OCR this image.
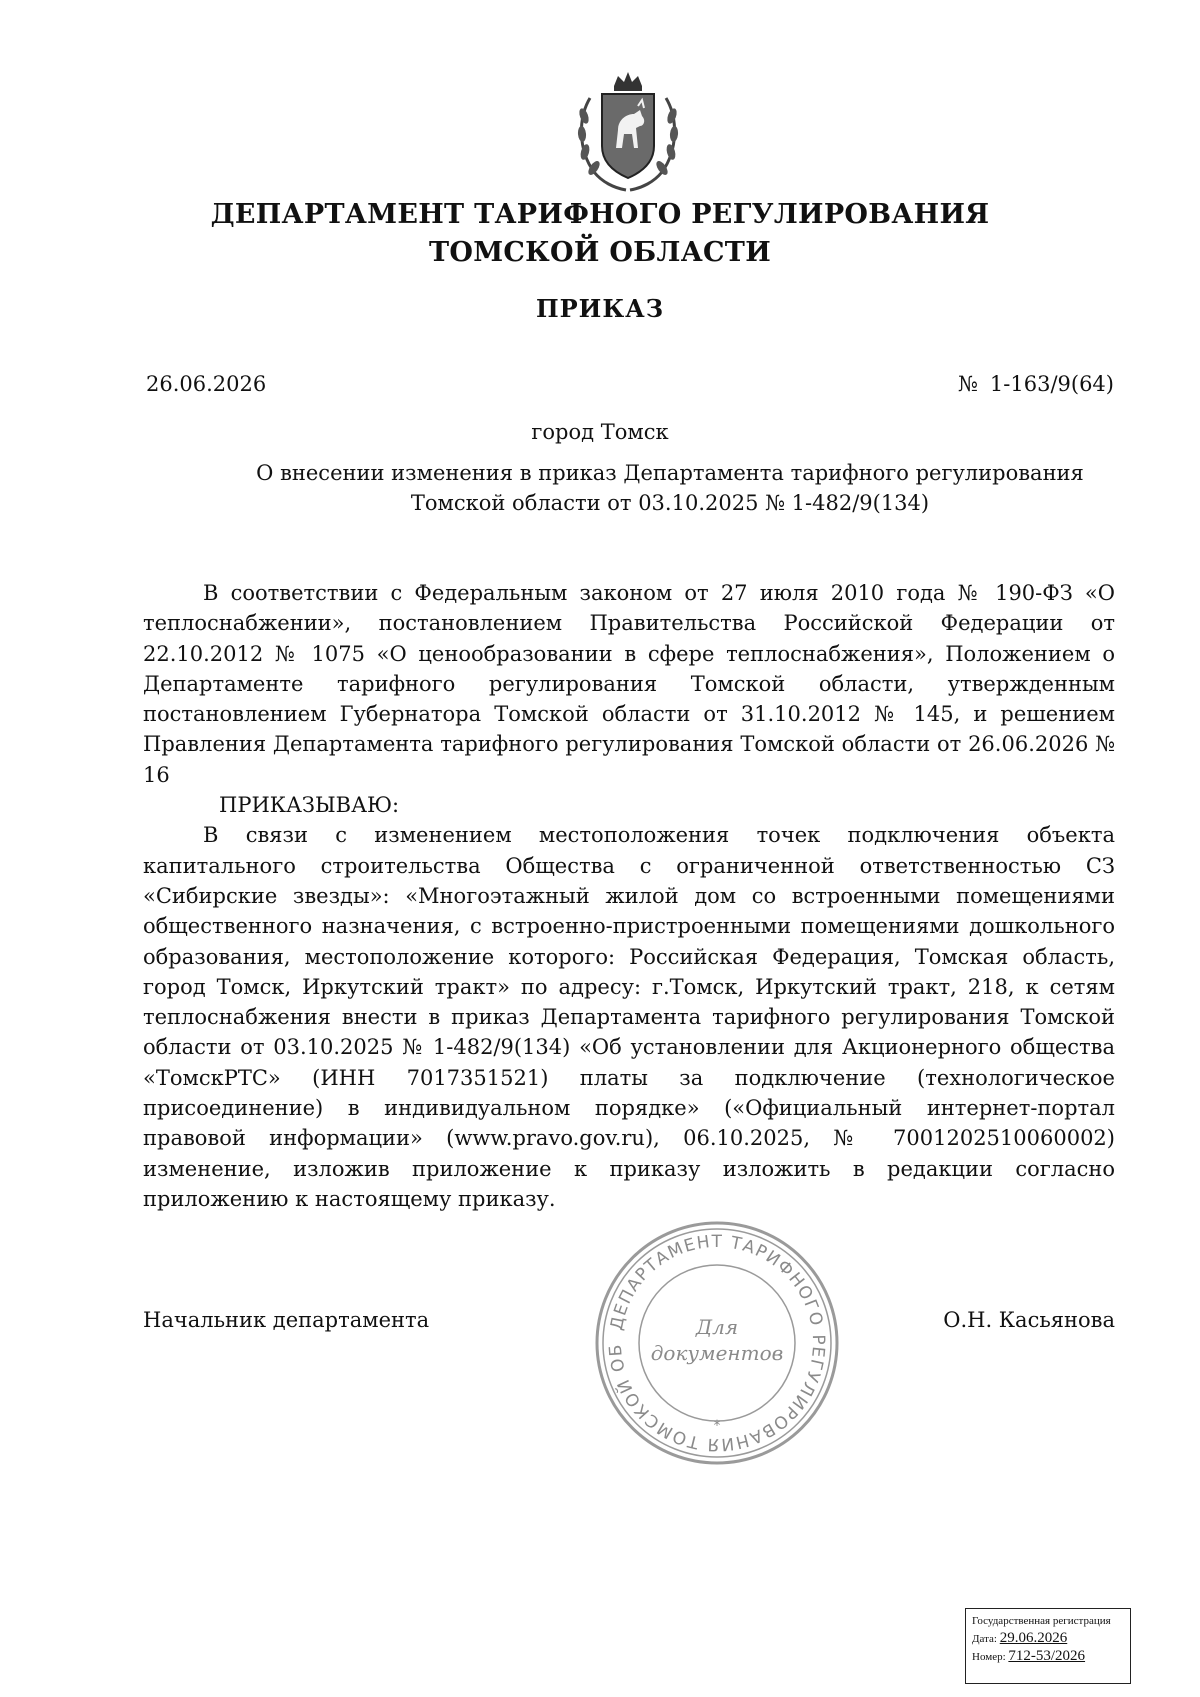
ДЕПАРТАМЕНТ ТАРИФНОГО РЕГУЛИРОВАНИЯ
ТОМСКОЙ ОБЛАСТИ
ПРИКАЗ
26.06.2026	№ 1-163/9(64)
город Томск
О внесении изменения в приказ Департамента тарифного регулирования
Томской области от 03.10.2025 № 1-482/9(134)

В соответствии с Федеральным законом от 27 июля 2010 года № 190-ФЗ «О теплоснабжении», постановлением Правительства Российской Федерации от 22.10.2012 № 1075 «О ценообразовании в сфере теплоснабжения», Положением о Департаменте тарифного регулирования Томской области, утвержденным постановлением Губернатора Томской области от 31.10.2012 № 145, и решением Правления Департамента тарифного регулирования Томской области от 26.06.2026 № 16

ПРИКАЗЫВАЮ:

В связи с изменением местоположения точек подключения объекта капитального строительства Общества с ограниченной ответственностью СЗ «Сибирские звезды»: «Многоэтажный жилой дом со встроенными помещениями общественного назначения, с встроенно-пристроенными помещениями дошкольного образования, местоположение которого: Российская Федерация, Томская область, город Томск, Иркутский тракт» по адресу: г.Томск, Иркутский тракт, 218, к сетям теплоснабжения внести в приказ Департамента тарифного регулирования Томской области от 03.10.2025 № 1-482/9(134) «Об установлении для Акционерного общества «ТомскРТС» (ИНН 7017351521) платы за подключение (технологическое присоединение) в индивидуальном порядке» («Официальный интернет-портал правовой информации» (www.pravo.gov.ru), 06.10.2025, № 7001202510060002) изменение, изложив приложение к приказу изложить в редакции согласно приложению к настоящему приказу.

Начальник департамента	О.Н. Касьянова
ДЕПАРТАМЕНТ ТАРИФНОГО РЕГУЛИРОВАНИЯ ТОМСКОЙ ОБ
Для
документов
*
Государственная регистрация
Дата: 29.06.2026
Номер: 712-53/2026
